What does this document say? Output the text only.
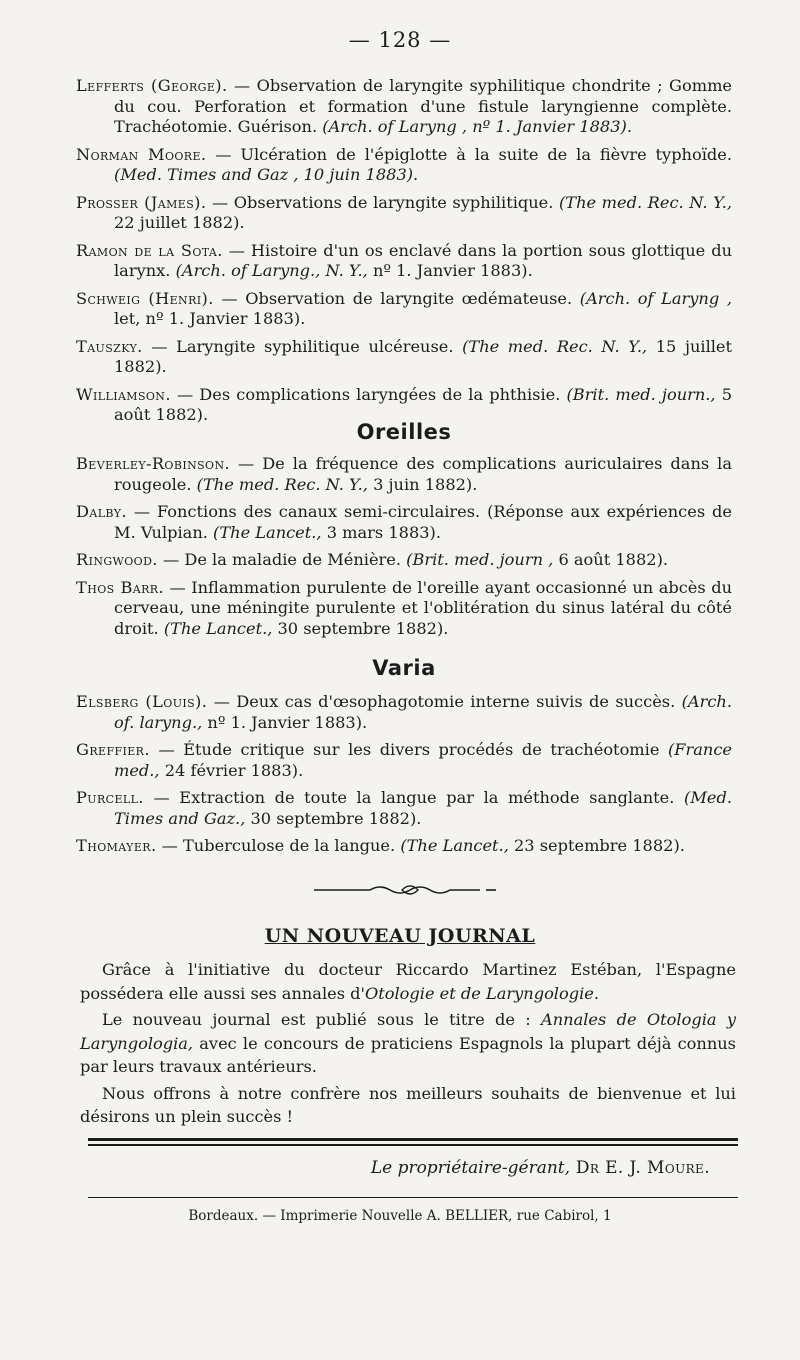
— 128 —

Lefferts (George). — Observation de laryngite syphilitique chondrite ; Gomme du cou. Perforation et formation d'une fistule laryngienne complète. Trachéotomie. Guérison. (Arch. of Laryng , nº 1. Janvier 1883).

Norman Moore. — Ulcération de l'épiglotte à la suite de la fièvre typhoïde. (Med. Times and Gaz , 10 juin 1883).

Prosser (James). — Observations de laryngite syphilitique. (The med. Rec. N. Y., 22 juillet 1882).

Ramon de la Sota. — Histoire d'un os enclavé dans la portion sous glottique du larynx. (Arch. of Laryng., N. Y., nº 1. Janvier 1883).

Schweig (Henri). — Observation de laryngite œdémateuse. (Arch. of Laryng , let, nº 1. Janvier 1883).

Tauszky. — Laryngite syphilitique ulcéreuse. (The med. Rec. N. Y., 15 juillet 1882).

Williamson. — Des complications laryngées de la phthisie. (Brit. med. journ., 5 août 1882).

Oreilles

Beverley-Robinson. — De la fréquence des complications auriculaires dans la rougeole. (The med. Rec. N. Y., 3 juin 1882).

Dalby. — Fonctions des canaux semi-circulaires. (Réponse aux expériences de M. Vulpian. (The Lancet., 3 mars 1883).

Ringwood. — De la maladie de Ménière. (Brit. med. journ , 6 août 1882).

Thos Barr. — Inflammation purulente de l'oreille ayant occasionné un abcès du cerveau, une méningite purulente et l'oblitération du sinus latéral du côté droit. (The Lancet., 30 septembre 1882).

Varia

Elsberg (Louis). — Deux cas d'œsophagotomie interne suivis de succès. (Arch. of. laryng., nº 1. Janvier 1883).

Greffier. — Étude critique sur les divers procédés de trachéotomie (France med., 24 février 1883).

Purcell. — Extraction de toute la langue par la méthode sanglante. (Med. Times and Gaz., 30 septembre 1882).

Thomayer. — Tuberculose de la langue. (The Lancet., 23 septembre 1882).

UN NOUVEAU JOURNAL

Grâce à l'initiative du docteur Riccardo Martinez Estéban, l'Espagne possédera elle aussi ses annales d'Otologie et de Laryngologie.

Le nouveau journal est publié sous le titre de : Annales de Otologia y Laryngologia, avec le concours de praticiens Espagnols la plupart déjà connus par leurs travaux antérieurs.

Nous offrons à notre confrère nos meilleurs souhaits de bienvenue et lui désirons un plein succès !

Le propriétaire-gérant, Dr E. J. Moure.
Bordeaux. — Imprimerie Nouvelle A. BELLIER, rue Cabirol, 1
